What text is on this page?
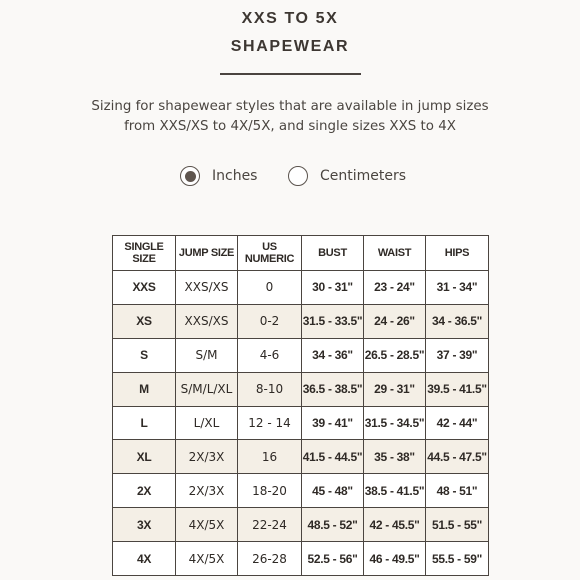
XXS TO 5X
SHAPEWEAR
Sizing for shapewear styles that are available in jump sizes
from XXS/XS to 4X/5X, and single sizes XXS to 4X
Inches	Centimeters
SINGLE SIZE	JUMP SIZE	US NUMERIC	BUST	WAIST	HIPS
XXS	XXS/XS	0	30 - 31"	23 - 24"	31 - 34"
XS	XXS/XS	0-2	31.5 - 33.5"	24 - 26"	34 - 36.5"
S	S/M	4-6	34 - 36"	26.5 - 28.5"	37 - 39"
M	S/M/L/XL	8-10	36.5 - 38.5"	29 - 31"	39.5 - 41.5"
L	L/XL	12 - 14	39 - 41"	31.5 - 34.5"	42 - 44"
XL	2X/3X	16	41.5 - 44.5"	35 - 38"	44.5 - 47.5"
2X	2X/3X	18-20	45 - 48"	38.5 - 41.5"	48 - 51"
3X	4X/5X	22-24	48.5 - 52"	42 - 45.5"	51.5 - 55"
4X	4X/5X	26-28	52.5 - 56"	46 - 49.5"	55.5 - 59"
